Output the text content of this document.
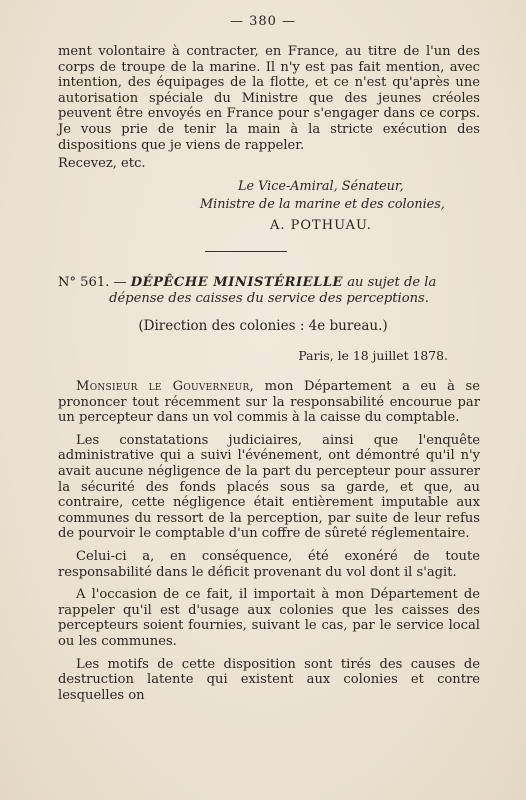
— 380 —
ment volontaire à contracter, en France, au titre de l'un des corps de troupe de la marine. Il n'y est pas fait mention, avec intention, des équipages de la flotte, et ce n'est qu'après une autorisation spéciale du Ministre que des jeunes créoles peuvent être envoyés en France pour s'engager dans ce corps. Je vous prie de tenir la main à la stricte exécution des dispositions que je viens de rappeler.
Recevez, etc.
Le Vice-Amiral, Sénateur,
Ministre de la marine et des colonies,
A. POTHUAU.
N° 561. — DÉPÊCHE MINISTÉRIELLE au sujet de la
dépense des caisses du service des perceptions.
(Direction des colonies : 4e bureau.)
Paris, le 18 juillet 1878.

Monsieur le Gouverneur, mon Département a eu à se prononcer tout récemment sur la responsabilité encourue par un percepteur dans un vol commis à la caisse du comptable.

Les constatations judiciaires, ainsi que l'enquête administrative qui a suivi l'événement, ont démontré qu'il n'y avait aucune négligence de la part du percepteur pour assurer la sécurité des fonds placés sous sa garde, et que, au contraire, cette négligence était entièrement imputable aux communes du ressort de la perception, par suite de leur refus de pourvoir le comptable d'un coffre de sûreté réglementaire.

Celui-ci a, en conséquence, été exonéré de toute responsabilité dans le déficit provenant du vol dont il s'agit.

A l'occasion de ce fait, il importait à mon Département de rappeler qu'il est d'usage aux colonies que les caisses des percepteurs soient fournies, suivant le cas, par le service local ou les communes.

Les motifs de cette disposition sont tirés des causes de destruction latente qui existent aux colonies et contre lesquelles on
